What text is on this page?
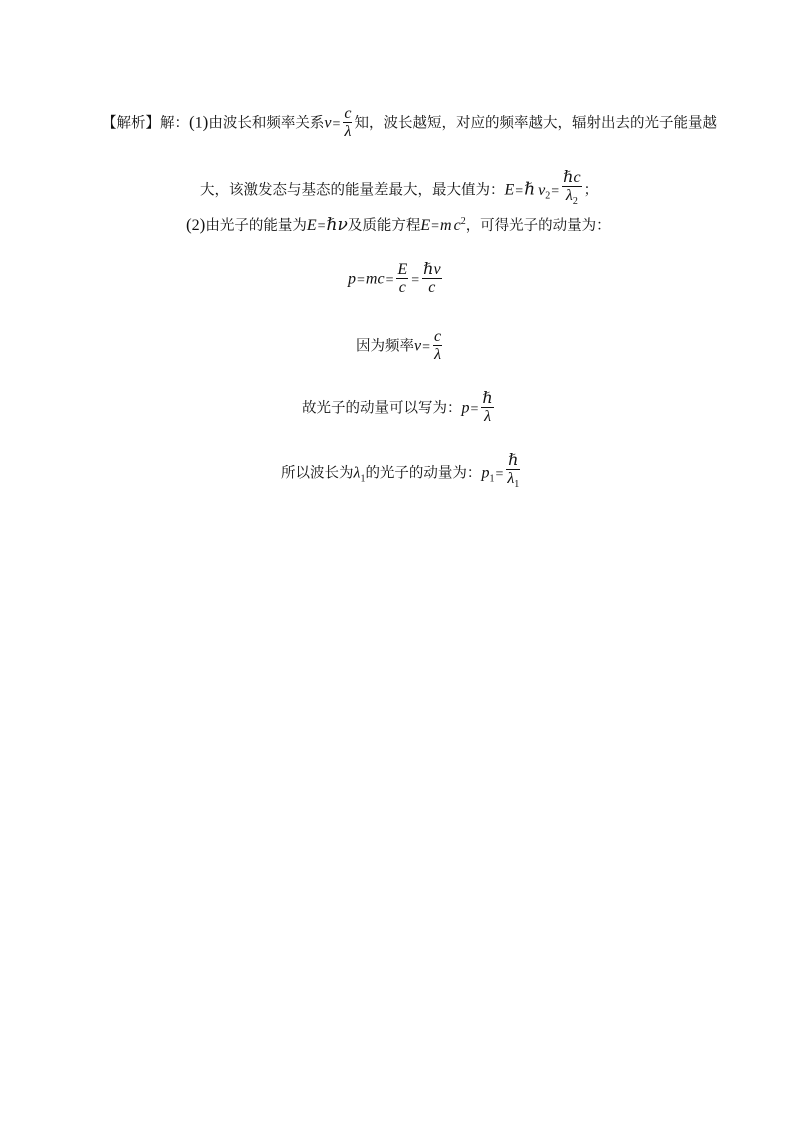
【解析】解：(1)由波长和频率关系$\nu= \frac{c}{\lambda}$ 知，波长越短，对应的频率越大，辐射出去的光子能量越
大，该激发态与基态的能量差最大，最大值为：E=ℏ $\nu_2= \frac{\text{ℏc}}{\lambda_2}$ ；
(2)由光子的能量为E=ℏν及质能方程E=m $c^2$，可得光子的动量为：
$p=mc= \frac{E}{c} = \frac{\text{ℏν}}{c}$
因为频率$\nu= \frac{c}{\lambda}$
故光子的动量可以写为：$p= \frac{\text{ℏ}}{\lambda}$
所以波长为$\lambda_1$的光子的动量为：$p_1= \frac{\text{ℏ}}{\lambda_1}$
